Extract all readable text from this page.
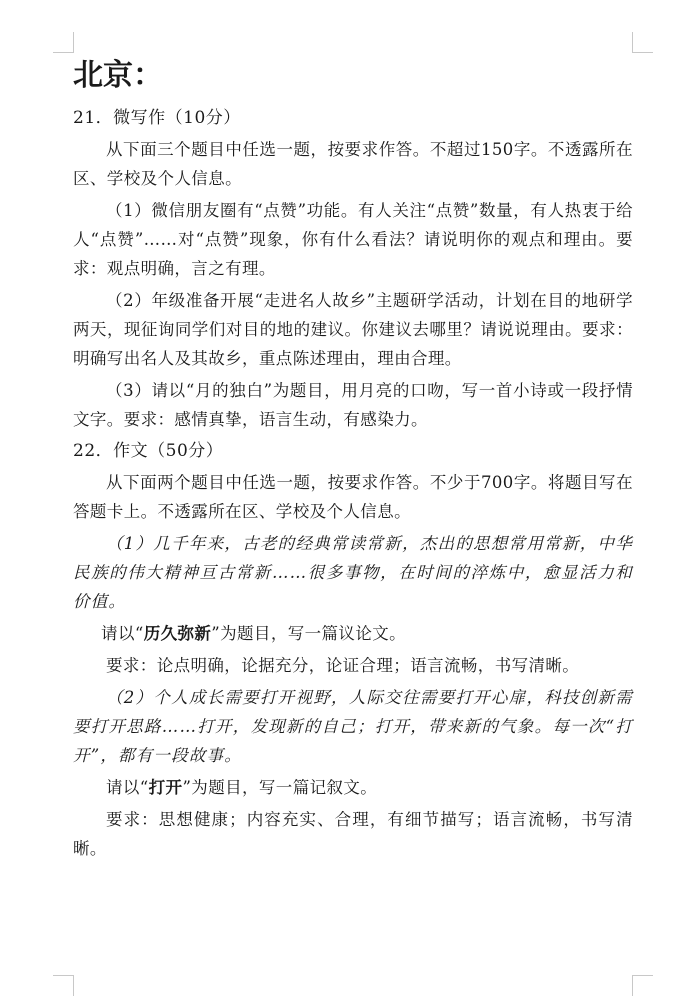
北京：
21．微写作（10分）

从下面三个题目中任选一题，按要求作答。不超过150字。不透露所在区、学校及个人信息。

（1）微信朋友圈有“点赞”功能。有人关注“点赞”数量，有人热衷于给人“点赞”……对“点赞”现象，你有什么看法？请说明你的观点和理由。要求：观点明确，言之有理。

（2）年级准备开展“走进名人故乡”主题研学活动，计划在目的地研学两天，现征询同学们对目的地的建议。你建议去哪里？请说说理由。要求：明确写出名人及其故乡，重点陈述理由，理由合理。

（3）请以“月的独白”为题目，用月亮的口吻，写一首小诗或一段抒情文字。要求：感情真挚，语言生动，有感染力。

22．作文（50分）

从下面两个题目中任选一题，按要求作答。不少于700字。将题目写在答题卡上。不透露所在区、学校及个人信息。

（1）几千年来，古老的经典常读常新，杰出的思想常用常新，中华民族的伟大精神亘古常新……很多事物，在时间的淬炼中，愈显活力和价值。

请以“历久弥新”为题目，写一篇议论文。

要求：论点明确，论据充分，论证合理；语言流畅，书写清晰。

（2）个人成长需要打开视野，人际交往需要打开心扉，科技创新需要打开思路……打开，发现新的自己；打开，带来新的气象。每一次“打开”，都有一段故事。

请以“打开”为题目，写一篇记叙文。

要求：思想健康；内容充实、合理，有细节描写；语言流畅，书写清晰。
